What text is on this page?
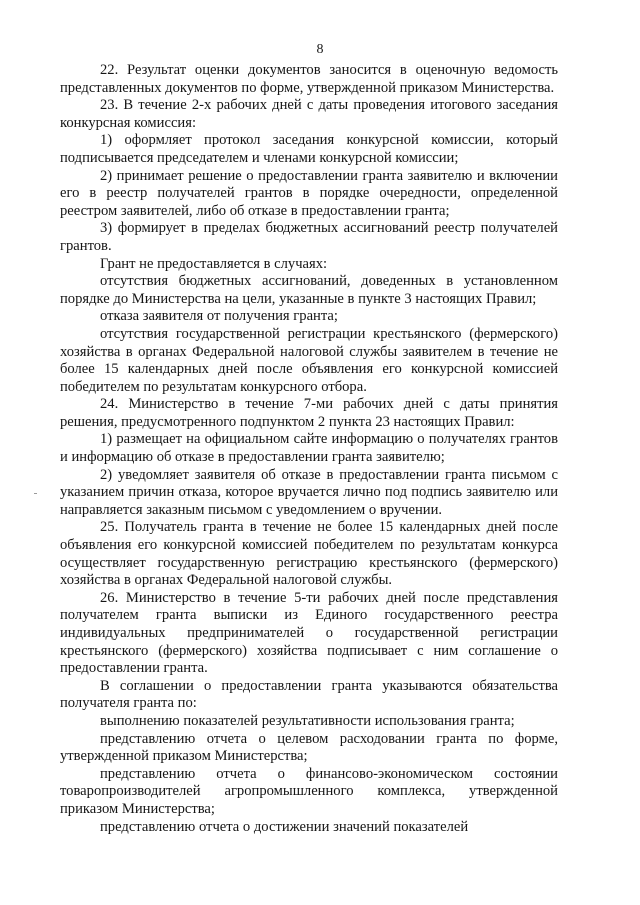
8

22. Результат оценки документов заносится в оценочную ведомость представленных документов по форме, утвержденной приказом Министерства.

23. В течение 2-х рабочих дней с даты проведения итогового заседания конкурсная комиссия:

1) оформляет протокол заседания конкурсной комиссии, который подписывается председателем и членами конкурсной комиссии;

2) принимает решение о предоставлении гранта заявителю и включении его в реестр получателей грантов в порядке очередности, определенной реестром заявителей, либо об отказе в предоставлении гранта;

3) формирует в пределах бюджетных ассигнований реестр получателей грантов.

Грант не предоставляется в случаях:

отсутствия бюджетных ассигнований, доведенных в установленном порядке до Министерства на цели, указанные в пункте 3 настоящих Правил;

отказа заявителя от получения гранта;

отсутствия государственной регистрации крестьянского (фермерского) хозяйства в органах Федеральной налоговой службы заявителем в течение не более 15 календарных дней после объявления его конкурсной комиссией победителем по результатам конкурсного отбора.

24. Министерство в течение 7-ми рабочих дней с даты принятия решения, предусмотренного подпунктом 2 пункта 23 настоящих Правил:

1) размещает на официальном сайте информацию о получателях грантов и информацию об отказе в предоставлении гранта заявителю;

2) уведомляет заявителя об отказе в предоставлении гранта письмом с указанием причин отказа, которое вручается лично под подпись заявителю или направляется заказным письмом с уведомлением о вручении.

25. Получатель гранта в течение не более 15 календарных дней после объявления его конкурсной комиссией победителем по результатам конкурса осуществляет государственную регистрацию крестьянского (фермерского) хозяйства в органах Федеральной налоговой службы.

26. Министерство в течение 5-ти рабочих дней после представления получателем гранта выписки из Единого государственного реестра индивидуальных предпринимателей о государственной регистрации крестьянского (фермерского) хозяйства подписывает с ним соглашение о предоставлении гранта.

В соглашении о предоставлении гранта указываются обязательства получателя гранта по:

выполнению показателей результативности использования гранта;

представлению отчета о целевом расходовании гранта по форме, утвержденной приказом Министерства;

представлению отчета о финансово-экономическом состоянии товаропроизводителей агропромышленного комплекса, утвержденной приказом Министерства;

представлению отчета о достижении значений показателей
